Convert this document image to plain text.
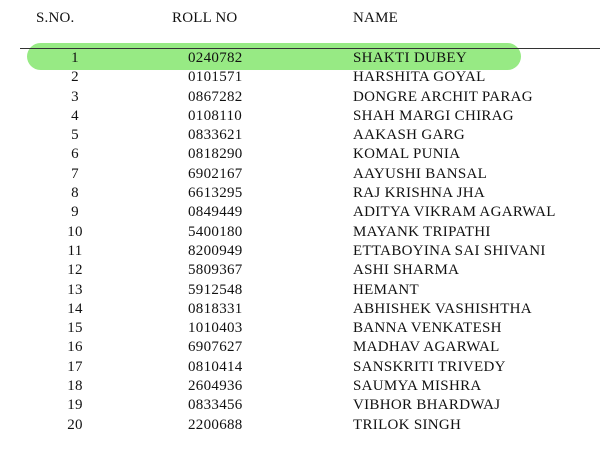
S.NO.	ROLL NO	NAME
1	0240782	SHAKTI DUBEY
2	0101571	HARSHITA GOYAL
3	0867282	DONGRE ARCHIT PARAG
4	0108110	SHAH MARGI CHIRAG
5	0833621	AAKASH GARG
6	0818290	KOMAL PUNIA
7	6902167	AAYUSHI BANSAL
8	6613295	RAJ KRISHNA JHA
9	0849449	ADITYA VIKRAM AGARWAL
10	5400180	MAYANK TRIPATHI
11	8200949	ETTABOYINA SAI SHIVANI
12	5809367	ASHI SHARMA
13	5912548	HEMANT
14	0818331	ABHISHEK VASHISHTHA
15	1010403	BANNA VENKATESH
16	6907627	MADHAV AGARWAL
17	0810414	SANSKRITI TRIVEDY
18	2604936	SAUMYA MISHRA
19	0833456	VIBHOR BHARDWAJ
20	2200688	TRILOK SINGH
